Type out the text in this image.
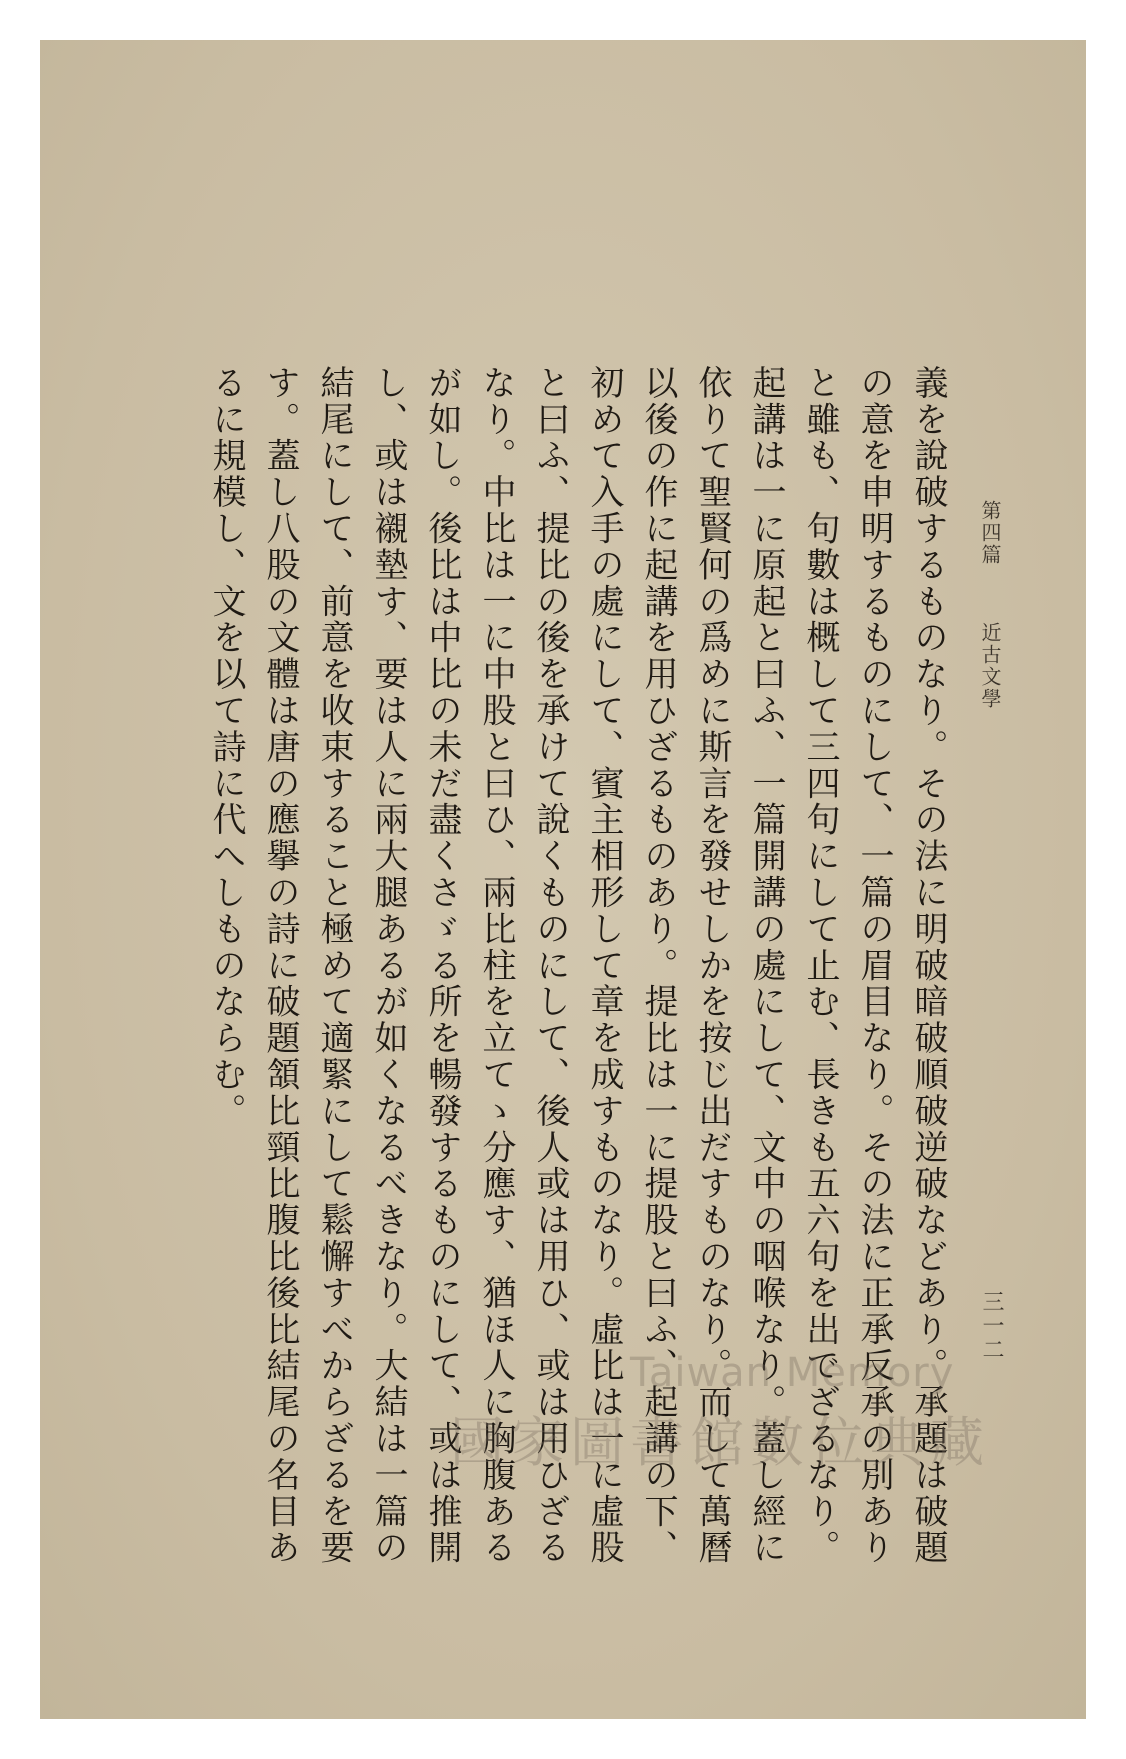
第四篇
近古文學
三一二
義を說破するものなり。その法に明破暗破順破逆破などあり。承題は破題の意を申明するものにして、一篇の眉目なり。その法に正承反承の別ありと雖も、句數は概して三四句にして止む、長きも五六句を出でざるなり。起講は一に原起と曰ふ、一篇開講の處にして、文中の咽喉なり。蓋し經に依りて聖賢何の爲めに斯言を發せしかを按じ出だすものなり。而して萬曆以後の作に起講を用ひざるものあり。提比は一に提股と曰ふ、起講の下、初めて入手の處にして、賓主相形して章を成すものなり。虛比は一に虛股と曰ふ、提比の後を承けて說くものにして、後人或は用ひ、或は用ひざるなり。中比は一に中股と曰ひ、兩比柱を立てゝ分應す、猶ほ人に胸腹あるが如し。後比は中比の未だ盡くさゞる所を暢發するものにして、或は推開し、或は襯墊す、要は人に兩大腿あるが如くなるべきなり。大結は一篇の結尾にして、前意を收束すること極めて適緊にして鬆懈すべからざるを要す。蓋し八股の文體は唐の應擧の詩に破題頷比頸比腹比後比結尾の名目あるに規模し、文を以て詩に代へしものならむ。
Taiwan Memory
國家圖書館數位典藏
